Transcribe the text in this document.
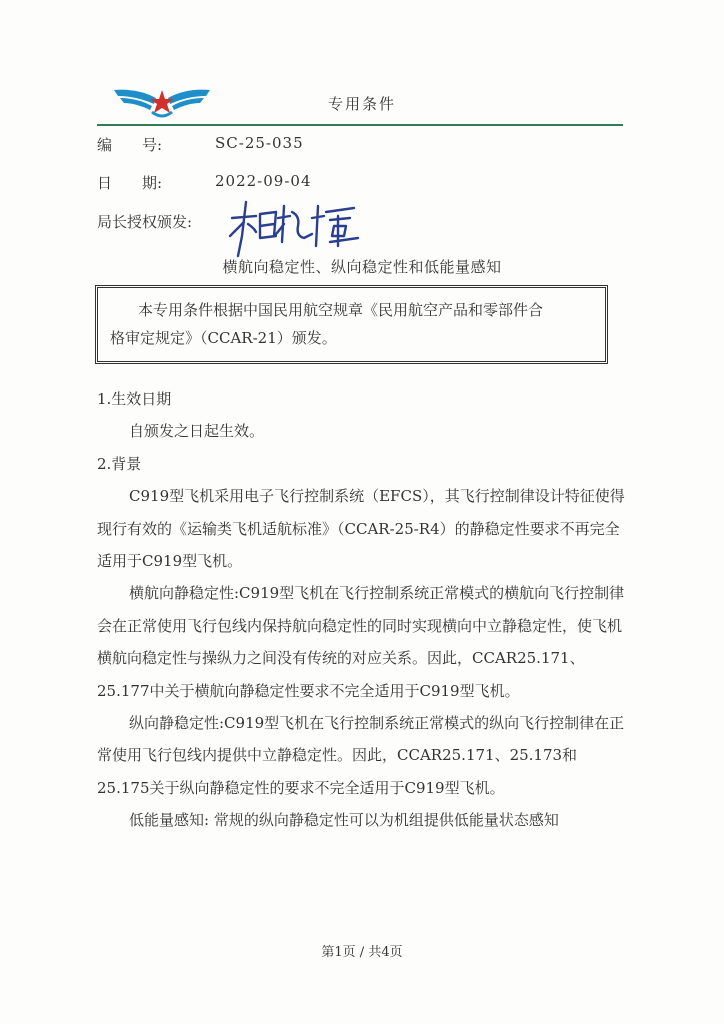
专用条件
编　　号:	SC-25-035
日　　期:	2022-09-04
局长授权颁发:
横航向稳定性、纵向稳定性和低能量感知
本专用条件根据中国民用航空规章《民用航空产品和零部件合
格审定规定》（CCAR-21）颁发。

1.生效日期

自颁发之日起生效。

2.背景

C919型飞机采用电子飞行控制系统（EFCS），其飞行控制律设计特征使得现行有效的《运输类飞机适航标准》（CCAR-25-R4）的静稳定性要求不再完全适用于C919型飞机。

横航向静稳定性:C919型飞机在飞行控制系统正常模式的横航向飞行控制律会在正常使用飞行包线内保持航向稳定性的同时实现横向中立静稳定性，使飞机横航向稳定性与操纵力之间没有传统的对应关系。因此，CCAR25.171、25.177中关于横航向静稳定性要求不完全适用于C919型飞机。

纵向静稳定性:C919型飞机在飞行控制系统正常模式的纵向飞行控制律在正常使用飞行包线内提供中立静稳定性。因此，CCAR25.171、25.173和25.175关于纵向静稳定性的要求不完全适用于C919型飞机。

低能量感知: 常规的纵向静稳定性可以为机组提供低能量状态感知

第1页 / 共4页
